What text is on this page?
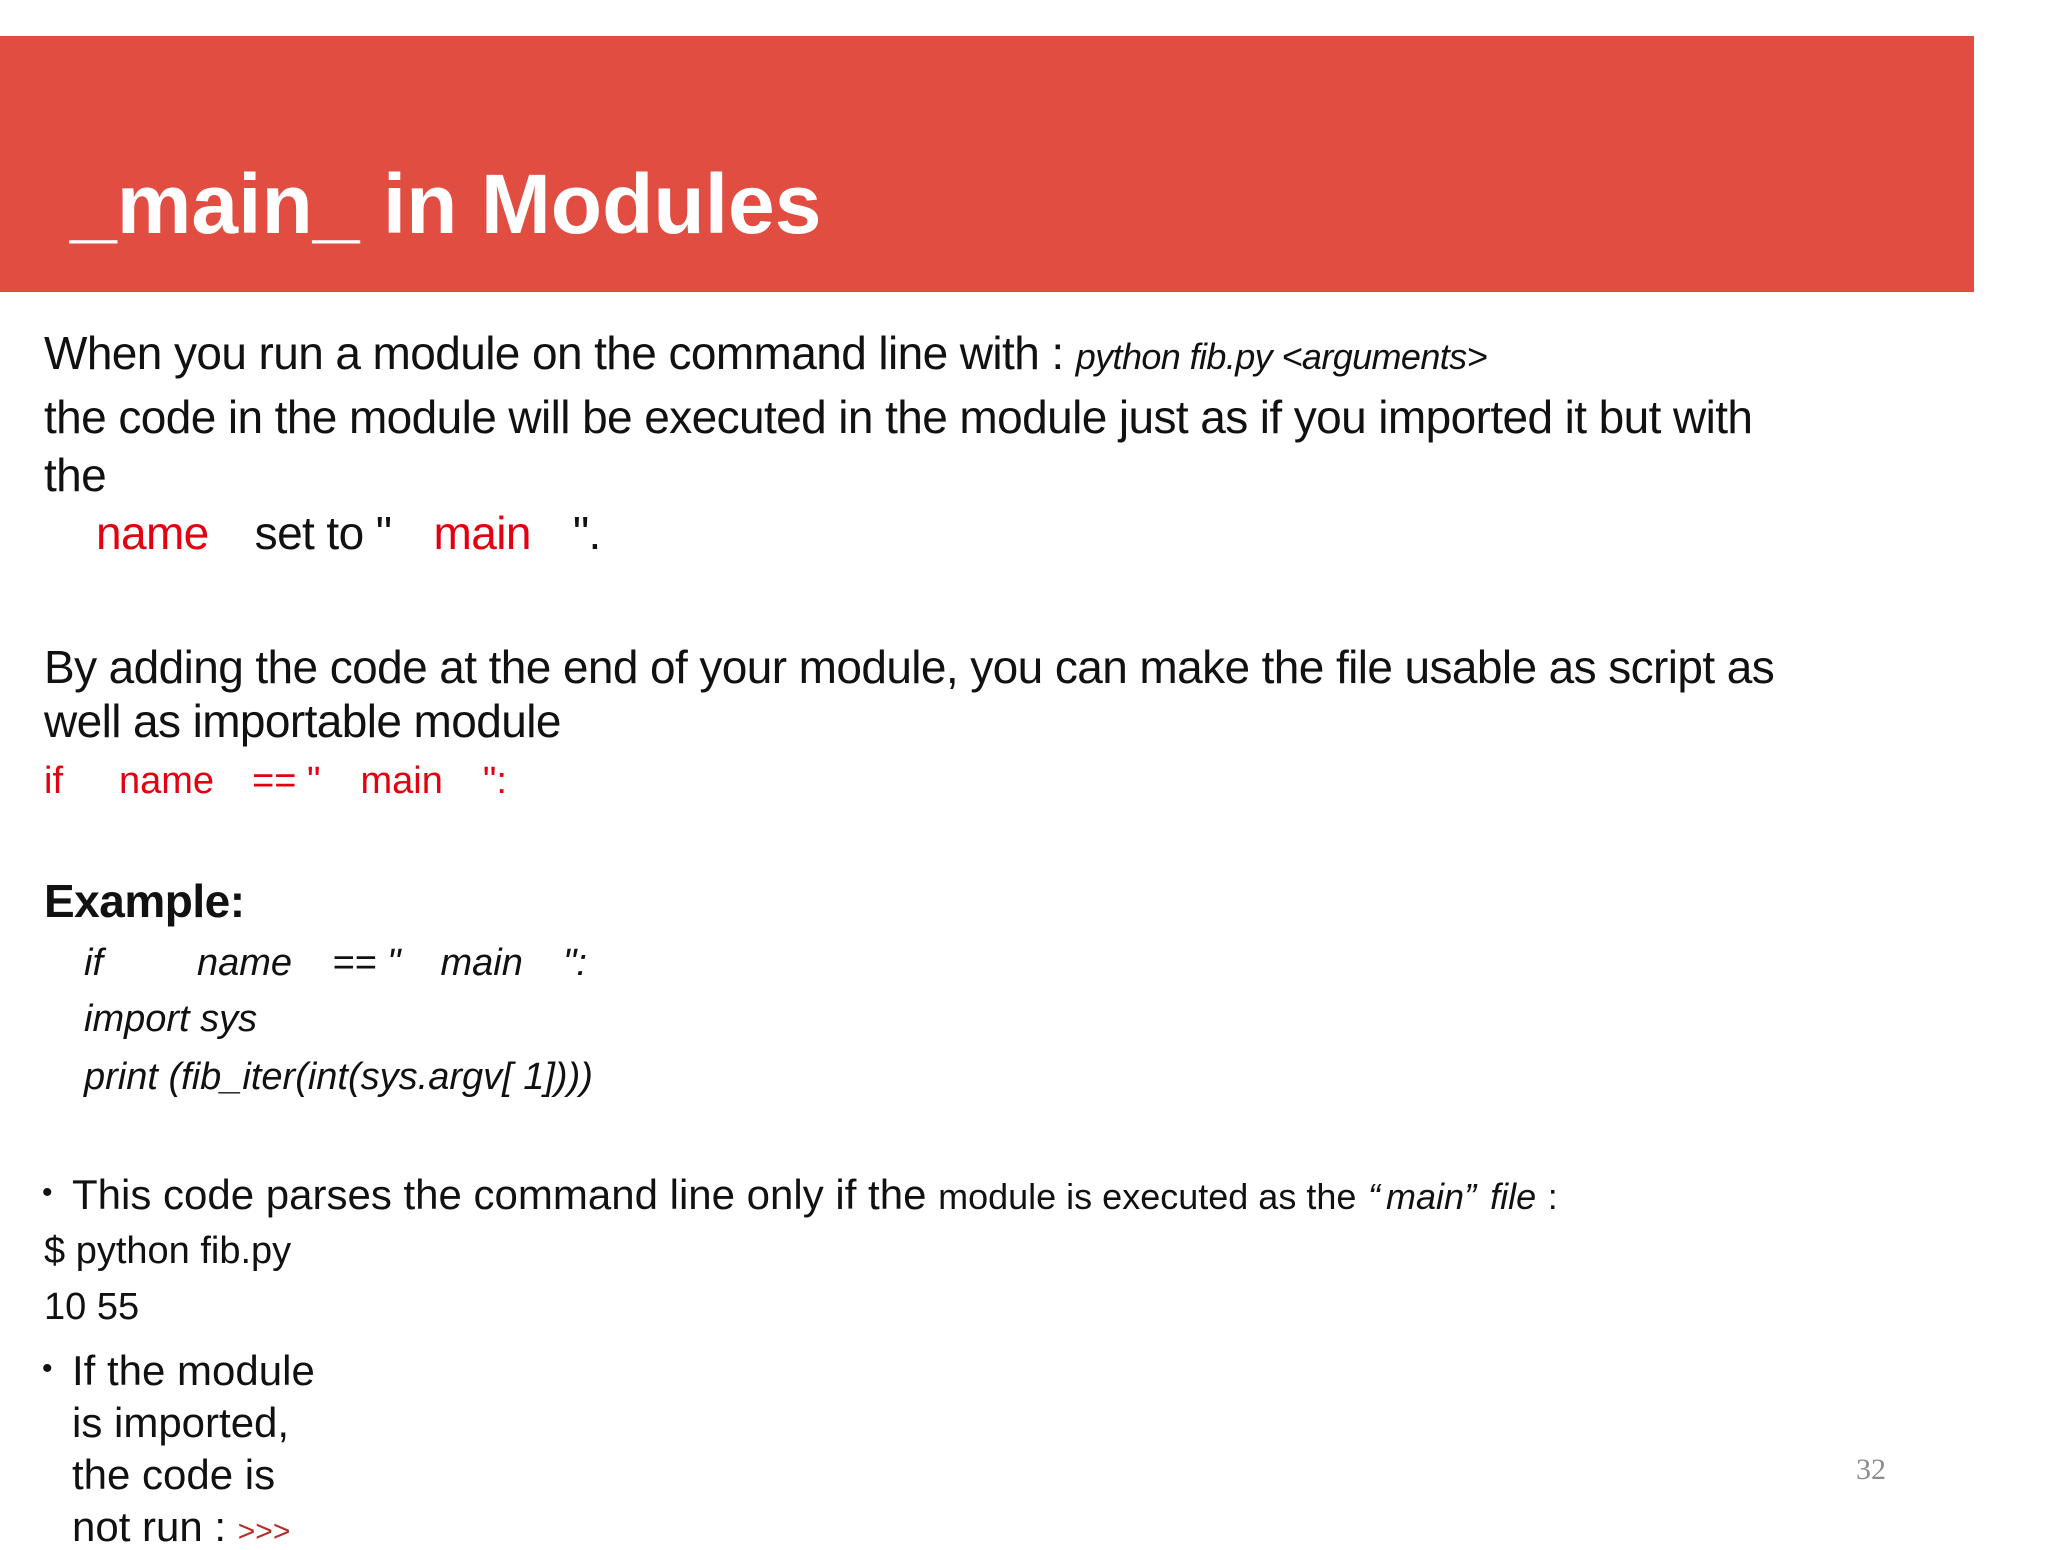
_main_ in Modules
When you run a module on the command line with : python fib.py <arguments>
the code in the module will be executed in the module just as if you imported it but with
the
name set to " main ".
By adding the code at the end of your module, you can make the file usable as script as
well as importable module
if name == " main ":
Example:
if name == " main ":
import sys
print (fib_iter(int(sys.argv[ 1])))
• This code parses the command line only if the module is executed as the “ main” file :
$ python fib.py
10 55
• If the module
is imported,
the code is
not run : >>>
32
